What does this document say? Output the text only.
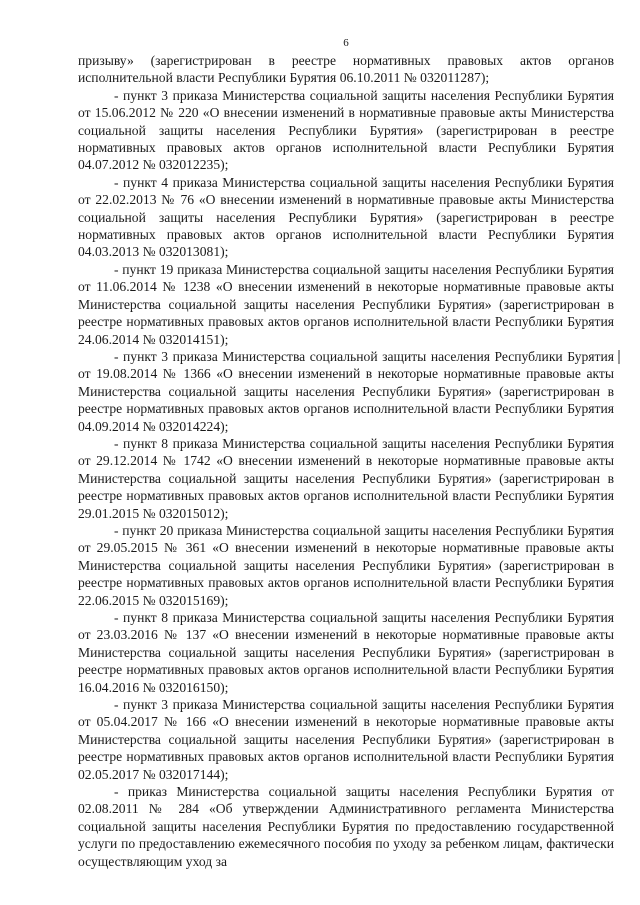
6

призыву» (зарегистрирован в реестре нормативных правовых актов органов исполнительной власти Республики Бурятия 06.10.2011 № 032011287);

- пункт 3 приказа Министерства социальной защиты населения Республики Бурятия от 15.06.2012 № 220 «О внесении изменений в нормативные правовые акты Министерства социальной защиты населения Республики Бурятия» (зарегистрирован в реестре нормативных правовых актов органов исполнительной власти Республики Бурятия 04.07.2012 № 032012235);

- пункт 4 приказа Министерства социальной защиты населения Республики Бурятия от 22.02.2013 № 76 «О внесении изменений в нормативные правовые акты Министерства социальной защиты населения Республики Бурятия» (зарегистрирован в реестре нормативных правовых актов органов исполнительной власти Республики Бурятия 04.03.2013 № 032013081);

- пункт 19 приказа Министерства социальной защиты населения Республики Бурятия от 11.06.2014 № 1238 «О внесении изменений в некоторые нормативные правовые акты Министерства социальной защиты населения Республики Бурятия» (зарегистрирован в реестре нормативных правовых актов органов исполнительной власти Республики Бурятия 24.06.2014 № 032014151);

- пункт 3 приказа Министерства социальной защиты населения Республики Бурятия от 19.08.2014 № 1366 «О внесении изменений в некоторые нормативные правовые акты Министерства социальной защиты населения Республики Бурятия» (зарегистрирован в реестре нормативных правовых актов органов исполнительной власти Республики Бурятия 04.09.2014 № 032014224);

- пункт 8 приказа Министерства социальной защиты населения Республики Бурятия от 29.12.2014 № 1742 «О внесении изменений в некоторые нормативные правовые акты Министерства социальной защиты населения Республики Бурятия» (зарегистрирован в реестре нормативных правовых актов органов исполнительной власти Республики Бурятия 29.01.2015 № 032015012);

- пункт 20 приказа Министерства социальной защиты населения Республики Бурятия от 29.05.2015 № 361 «О внесении изменений в некоторые нормативные правовые акты Министерства социальной защиты населения Республики Бурятия» (зарегистрирован в реестре нормативных правовых актов органов исполнительной власти Республики Бурятия 22.06.2015 № 032015169);

- пункт 8 приказа Министерства социальной защиты населения Республики Бурятия от 23.03.2016 № 137 «О внесении изменений в некоторые нормативные правовые акты Министерства социальной защиты населения Республики Бурятия» (зарегистрирован в реестре нормативных правовых актов органов исполнительной власти Республики Бурятия 16.04.2016 № 032016150);

- пункт 3 приказа Министерства социальной защиты населения Республики Бурятия от 05.04.2017 № 166 «О внесении изменений в некоторые нормативные правовые акты Министерства социальной защиты населения Республики Бурятия» (зарегистрирован в реестре нормативных правовых актов органов исполнительной власти Республики Бурятия 02.05.2017 № 032017144);

- приказ Министерства социальной защиты населения Республики Бурятия от 02.08.2011 № 284 «Об утверждении Административного регламента Министерства социальной защиты населения Республики Бурятия по предоставлению государственной услуги по предоставлению ежемесячного пособия по уходу за ребенком лицам, фактически осуществляющим уход за
